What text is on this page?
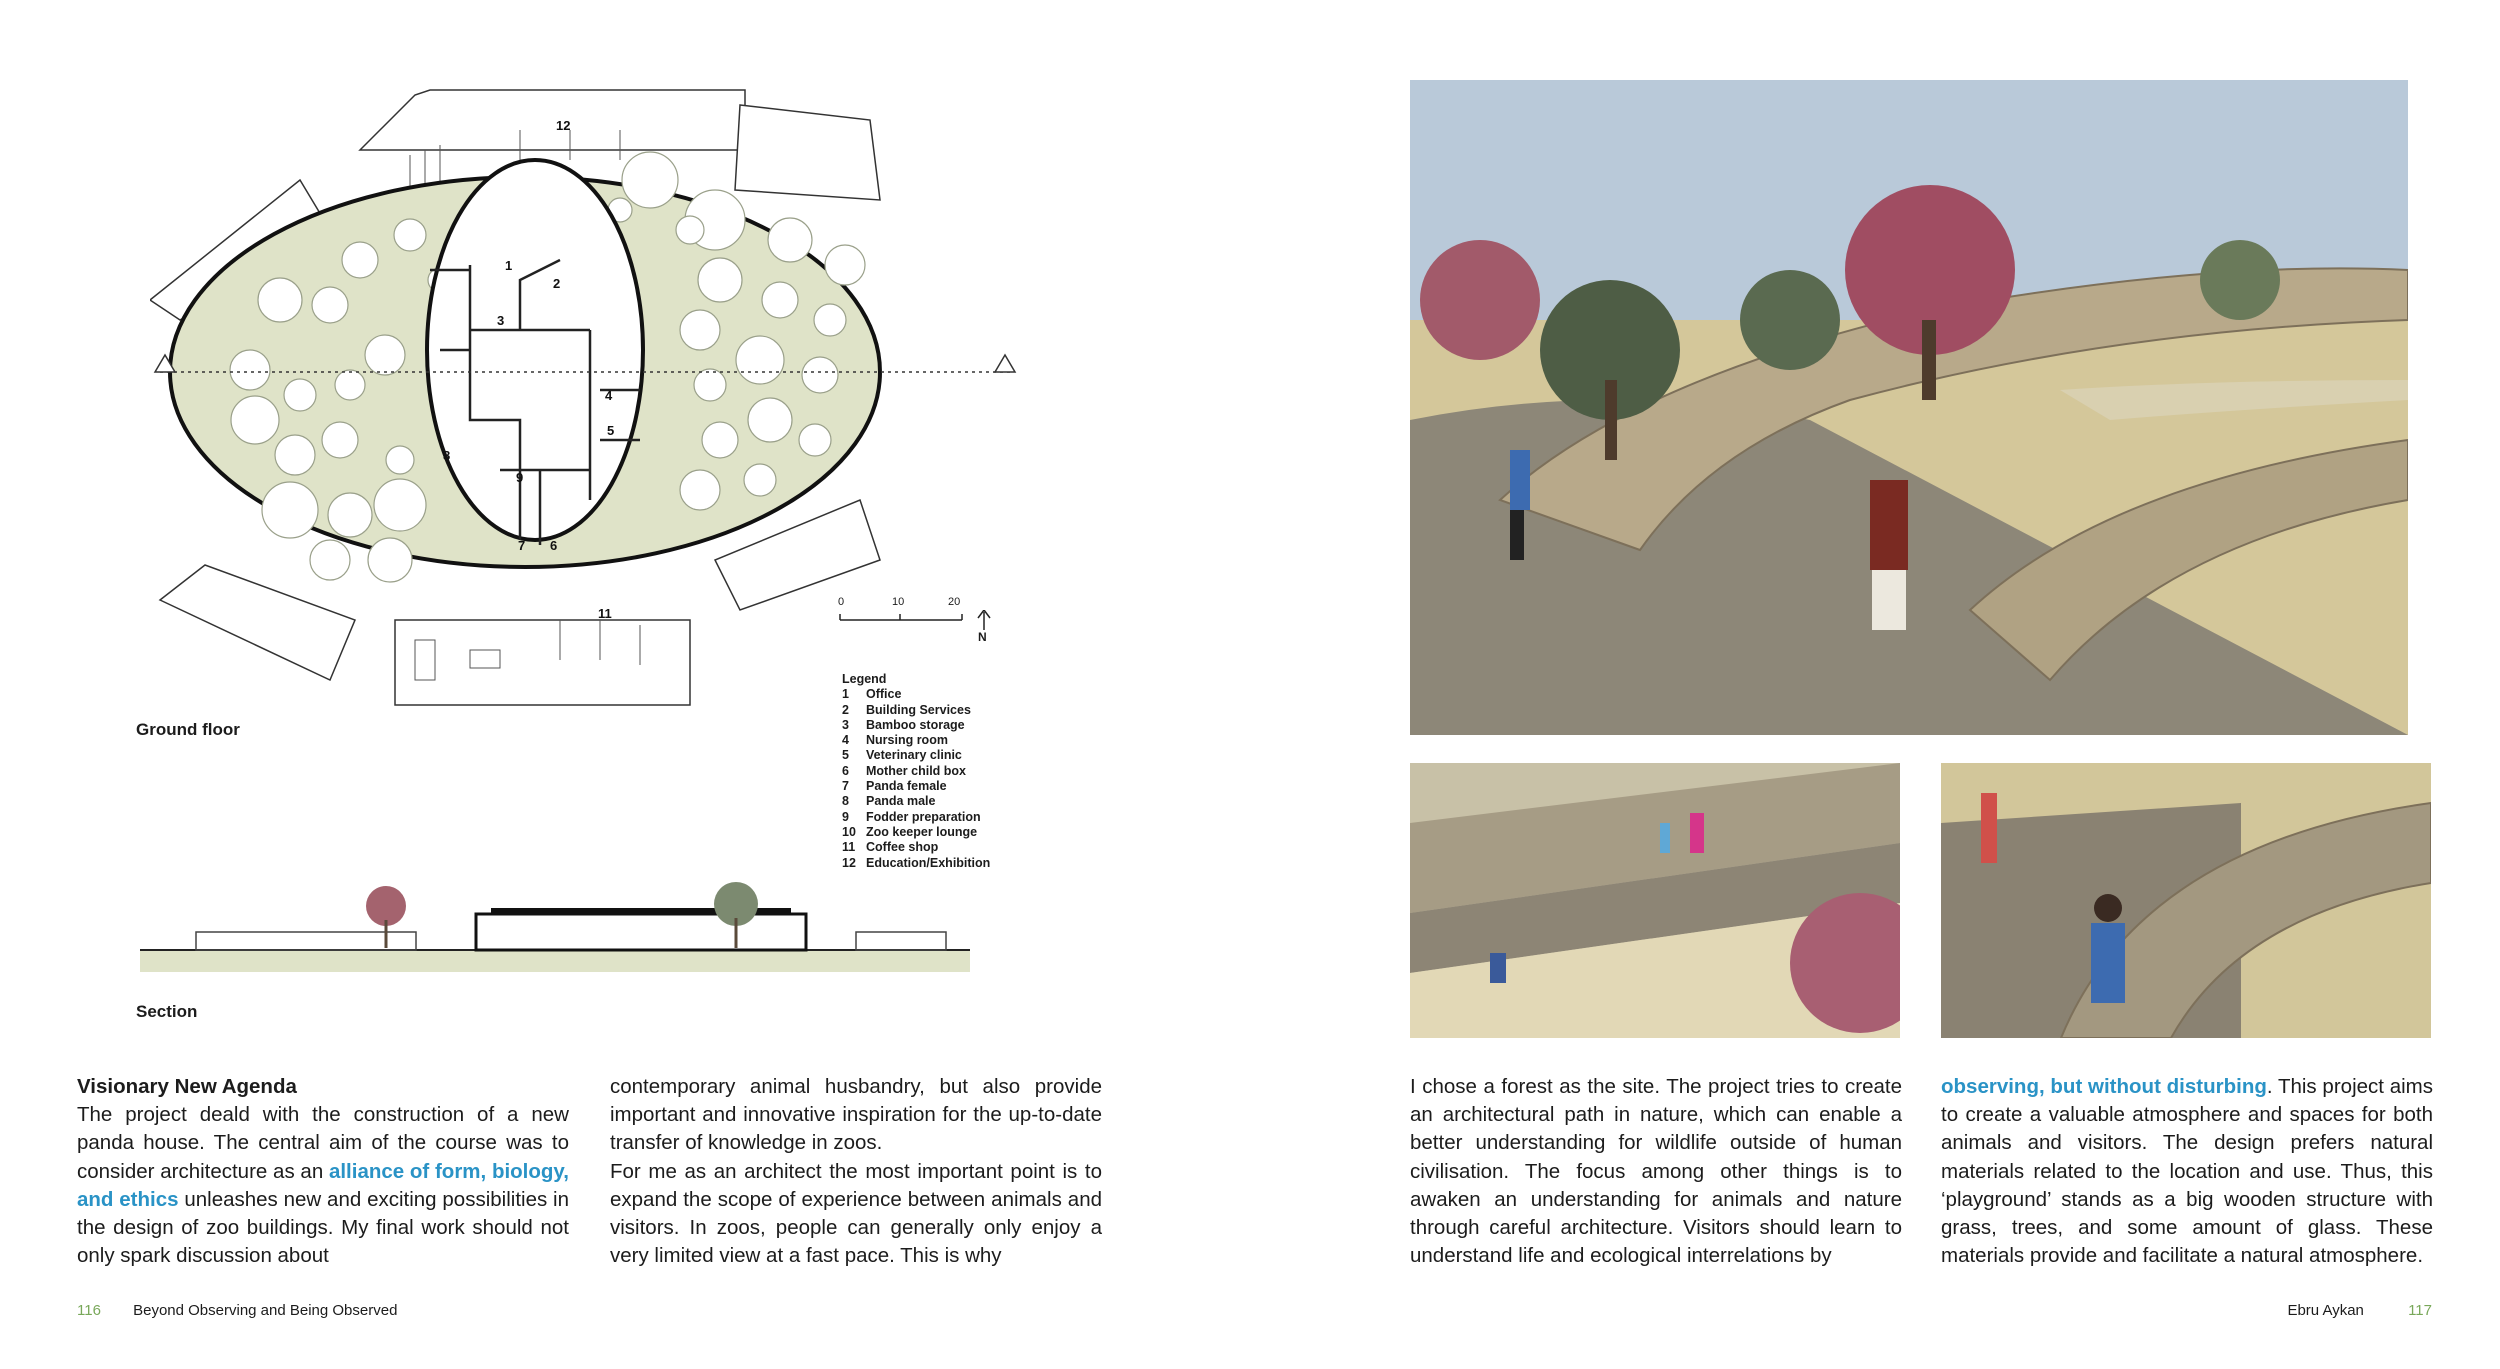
1
2
3
4
5
6
7
8
9
11
12
0	10	20
N
Legend
1	Office
2	Building Services
3	Bamboo storage
4	Nursing room
5	Veterinary clinic
6	Mother child box
7	Panda female
8	Panda male
9	Fodder preparation
10 Zoo keeper lounge
11 Coffee shop
12 Education/Exhibition
Ground floor
Section

Visionary New Agenda
The project deald with the construction of a new panda house. The central aim of the course was to consider architecture as an alliance of form, biology, and ethics unleashes new and exciting possibilities in the design of zoo buildings. My final work should not only spark discussion about

contemporary animal husbandry, but also provide important and innovative inspiration for the up-to-date transfer of knowledge in zoos.

For me as an architect the most important point is to expand the scope of experience between animals and visitors. In zoos, people can generally only enjoy a very limited view at a fast pace. This is why

I chose a forest as the site. The project tries to create an architectural path in nature, which can enable a better understanding for wildlife outside of human civilisation. The focus among other things is to awaken an understanding for animals and nature through careful architecture. Visitors should learn to understand life and ecological interrelations by

observing, but without disturbing. This project aims to create a valuable atmosphere and spaces for both animals and visitors. The design prefers natural materials related to the location and use. Thus, this ‘playground’ stands as a big wooden structure with grass, trees, and some amount of glass. These materials provide and facilitate a natural atmosphere.

116 Beyond Observing and Being Observed	Ebru Aykan	117
